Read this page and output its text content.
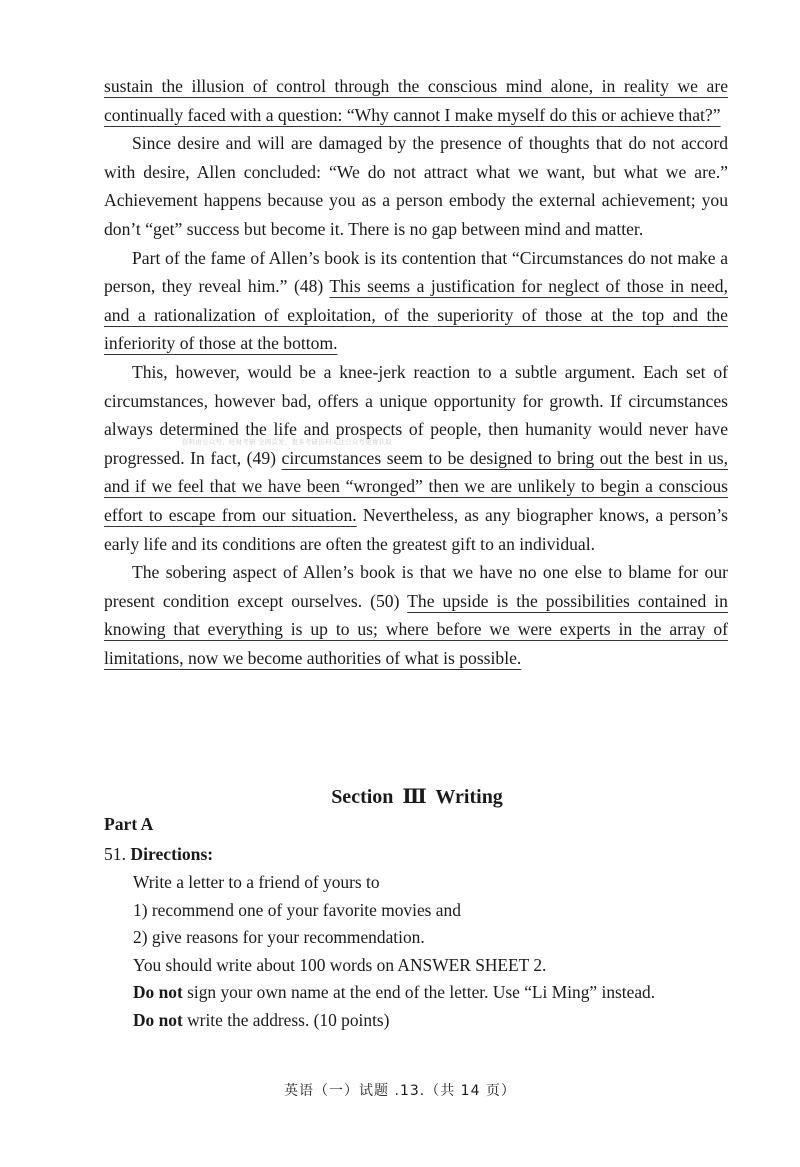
sustain the illusion of control through the conscious mind alone, in reality we are continually faced with a question: “Why cannot I make myself do this or achieve that?”

Since desire and will are damaged by the presence of thoughts that do not accord with desire, Allen concluded: “We do not attract what we want, but what we are.” Achievement happens because you as a person embody the external achievement; you don’t “get” success but become it. There is no gap between mind and matter.

Part of the fame of Allen’s book is its contention that “Circumstances do not make a person, they reveal him.” (48) This seems a justification for neglect of those in need, and a rationalization of exploitation, of the superiority of those at the top and the inferiority of those at the bottom.

This, however, would be a knee-jerk reaction to a subtle argument. Each set of circumstances, however bad, offers a unique opportunity for growth. If circumstances always determined the life and prospects of people, then humanity would never have progressed. In fact, (49) circumstances seem to be designed to bring out the best in us, and if we feel that we have been “wronged” then we are unlikely to begin a conscious effort to escape from our situation. Nevertheless, as any biographer knows, a person’s early life and its conditions are often the greatest gift to an individual.

The sobering aspect of Allen’s book is that we have no one else to blame for our present condition except ourselves. (50) The upside is the possibilities contained in knowing that everything is up to us; where before we were experts in the array of limitations, now we become authorities of what is possible.

资料由公众号、旺财考研 全网首发，更多考研资料关注公众号免费获取
Section Ⅲ Writing
Part A
51. Directions:
Write a letter to a friend of yours to
1) recommend one of your favorite movies and
2) give reasons for your recommendation.
You should write about 100 words on ANSWER SHEET 2.
Do not sign your own name at the end of the letter. Use “Li Ming” instead.
Do not write the address. (10 points)
英语（一）试题 .13.（共 14 页）
